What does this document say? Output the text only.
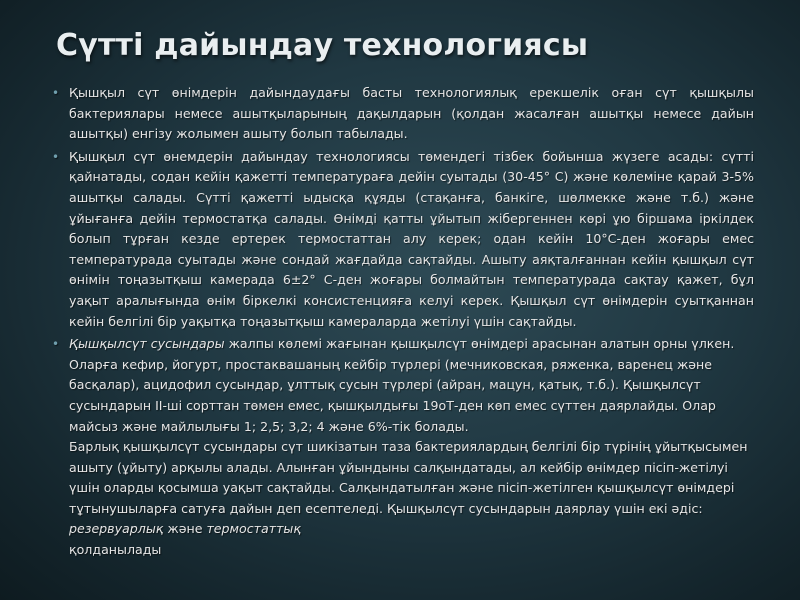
Сүтті дайындау технологиясы
• Қышқыл сүт өнімдерін дайындаудағы басты технологиялық ерекшелік оған сүт қышқылы бактериялары немесе ашытқыларының дақылдарын (қолдан жасалған ашытқы немесе дайын ашытқы) енгізу жолымен ашыту болып табылады.
• Қышқыл сүт өнемдерін дайындау технологиясы төмендегі тізбек бойынша жүзеге асады: сүтті қайнатады, содан кейін қажетті температураға дейін суытады (30-45° С) және көлеміне қарай 3-5% ашытқы салады. Сүтті қажетті ыдысқа құяды (стақанға, банкіге, шөлмекке және т.б.) және ұйығанға дейін термостатқа салады. Өнімді қатты ұйытып жібергеннен көрі ұю біршама іркілдек болып тұрған кезде ертерек термостаттан алу керек; одан кейін 10°С-ден жоғары емес температурада суытады және сондай жағдайда сақтайды. Ашыту аяқталғаннан кейін қышқыл сүт өнімін тоңазытқыш камерада 6±2° С-ден жоғары болмайтын температурада сақтау қажет, бұл уақыт аралығында өнім біркелкі консистенцияға келуі керек. Қышқыл сүт өнімдерін суытқаннан кейін белгілі бір уақытқа тоңазытқыш камераларда жетілуі үшін сақтайды.
• Қышқылсүт сусындары жалпы көлемі жағынан қышқылсүт өнімдері арасынан алатын орны үлкен. Оларға кефир, йогурт, простаквашаның кейбір түрлері (мечниковская, ряженка, варенец және басқалар), ацидофил сусындар, ұлттық сусын түрлері (айран, мацун, қатық, т.б.). Қышқылсүт сусындарын II-ші сорттан төмен емес, қышқылдығы 19оТ-ден көп емес сүттен даярлайды. Олар майсыз және майлылығы 1; 2,5; 3,2; 4 және 6%-тік болады.
Барлық қышқылсүт сусындары сүт шикізатын таза бактериялардың белгілі бір түрінің ұйытқысымен ашыту (ұйыту) арқылы алады. Алынған ұйындыны салқындатады, ал кейбір өнімдер пісіп-жетілуі үшін оларды қосымша уақыт сақтайды. Салқындатылған және пісіп-жетілген қышқылсүт өнімдері тұтынушыларға сатуға дайын деп есептеледі. Қышқылсүт сусындарын даярлау үшін екі әдіс: резервуарлық және термостаттық
қолданылады
